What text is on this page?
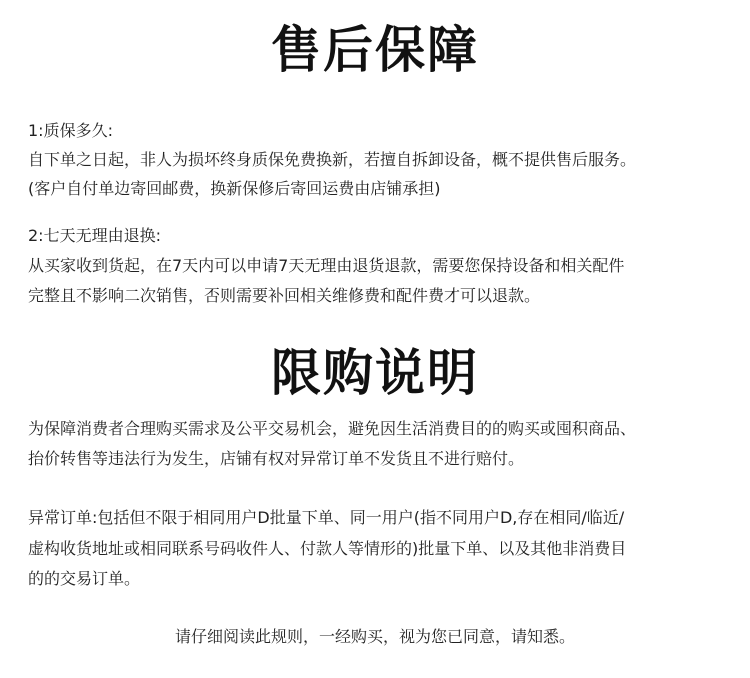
售后保障
1:质保多久:
自下单之日起，非人为损坏终身质保免费换新，若擅自拆卸设备，概不提供售后服务。
(客户自付单边寄回邮费，换新保修后寄回运费由店铺承担)
2:七天无理由退换:
从买家收到货起，在7天内可以申请7天无理由退货退款，需要您保持设备和相关配件
完整且不影响二次销售，否则需要补回相关维修费和配件费才可以退款。
限购说明
为保障消费者合理购买需求及公平交易机会，避免因生活消费目的的购买或囤积商品、
抬价转售等违法行为发生，店铺有权对异常订单不发货且不进行赔付。
异常订单:包括但不限于相同用户D批量下单、同一用户(指不同用户D,存在相同/临近/
虚构收货地址或相同联系号码收件人、付款人等情形的)批量下单、以及其他非消费目
的的交易订单。
请仔细阅读此规则，一经购买，视为您已同意，请知悉。
